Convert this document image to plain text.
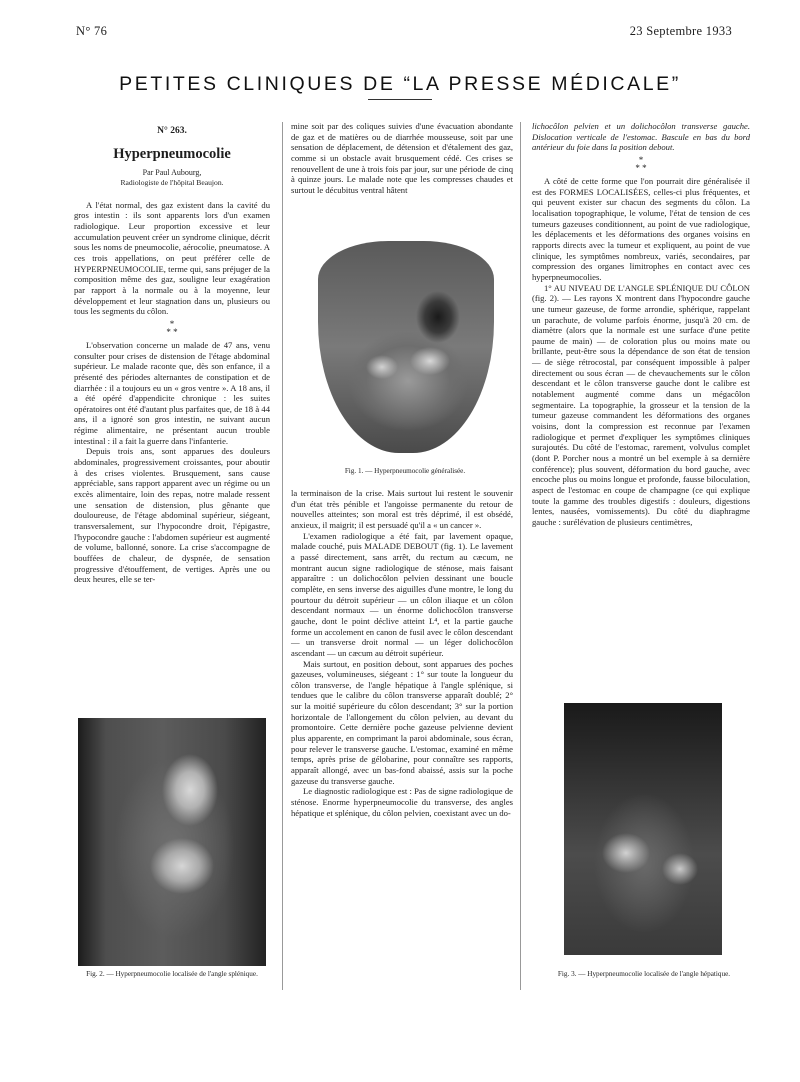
N° 76	23 Septembre 1933
PETITES CLINIQUES DE “LA PRESSE MÉDICALE”
N° 263.
Hyperpneumocolie
Par Paul Aubourg,
Radiologiste de l'hôpital Beaujon.

A l'état normal, des gaz existent dans la cavité du gros intestin : ils sont apparents lors d'un examen radiologique. Leur proportion excessive et leur accumulation peuvent créer un syndrome clinique, décrit sous les noms de pneumocolie, aérocolie, pneumatose. A ces trois appellations, on peut préférer celle de HYPERPNEUMOCOLIE, terme qui, sans préjuger de la composition même des gaz, souligne leur exagération par rapport à la normale ou à la moyenne, leur développement et leur stagnation dans un, plusieurs ou tous les segments du côlon.

*
* *

L'observation concerne un malade de 47 ans, venu consulter pour crises de distension de l'étage abdominal supérieur. Le malade raconte que, dès son enfance, il a présenté des périodes alternantes de constipation et de diarrhée : il a toujours eu un « gros ventre ». A 18 ans, il a été opéré d'appendicite chronique : les suites opératoires ont été d'autant plus parfaites que, de 18 à 44 ans, il a ignoré son gros intestin, ne suivant aucun régime alimentaire, ne présentant aucun trouble intestinal : il a fait la guerre dans l'infanterie.

Depuis trois ans, sont apparues des douleurs abdominales, progressivement croissantes, pour aboutir à des crises violentes. Brusquement, sans cause appréciable, sans rapport apparent avec un régime ou un excès alimentaire, loin des repas, notre malade ressent une sensation de distension, plus gênante que douloureuse, de l'étage abdominal supérieur, siégeant, transversalement, sur l'hypocondre droit, l'épigastre, l'hypocondre gauche : l'abdomen supérieur est augmenté de volume, ballonné, sonore. La crise s'accompagne de bouffées de chaleur, de dyspnée, de sensation progressive d'étouffement, de vertiges. Après une ou deux heures, elle se ter-

Fig. 2. — Hyperpneumocolie localisée de l'angle splénique.

mine soit par des coliques suivies d'une évacuation abondante de gaz et de matières ou de diarrhée mousseuse, soit par une sensation de déplacement, de détension et d'étalement des gaz, comme si un obstacle avait brusquement cédé. Ces crises se renouvellent de une à trois fois par jour, sur une période de cinq à quinze jours. Le malade note que les compresses chaudes et surtout le décubitus ventral hâtent

Fig. 1. — Hyperpneumocolie généralisée.

la terminaison de la crise. Mais surtout lui restent le souvenir d'un état très pénible et l'angoisse permanente du retour de nouvelles atteintes; son moral est très déprimé, il est obsédé, anxieux, il maigrit; il est persuadé qu'il a « un cancer ».

L'examen radiologique a été fait, par lavement opaque, malade couché, puis MALADE DEBOUT (fig. 1). Le lavement a passé directement, sans arrêt, du rectum au cæcum, ne montrant aucun signe radiologique de sténose, mais faisant apparaître : un dolichocôlon pelvien dessinant une boucle complète, en sens inverse des aiguilles d'une montre, le long du pourtour du détroit supérieur — un côlon iliaque et un côlon descendant normaux — un énorme dolichocôlon transverse gauche, dont le point déclive atteint L⁴, et la partie gauche forme un accolement en canon de fusil avec le côlon descendant — un transverse droit normal — un léger dolichocôlon ascendant — un cæcum au détroit supérieur.

Mais surtout, en position debout, sont apparues des poches gazeuses, volumineuses, siégeant : 1° sur toute la longueur du côlon transverse, de l'angle hépatique à l'angle splénique, si tendues que le calibre du côlon transverse apparaît doublé; 2° sur la moitié supérieure du côlon descendant; 3° sur la portion horizontale de l'allongement du côlon pelvien, au devant du promontoire. Cette dernière poche gazeuse pelvienne devient plus apparente, en comprimant la paroi abdominale, sous écran, pour relever le transverse gauche. L'estomac, examiné en même temps, après prise de gélobarine, pour connaître ses rapports, apparaît allongé, avec un bas-fond abaissé, assis sur la poche gazeuse du transverse gauche.

Le diagnostic radiologique est : Pas de signe radiologique de sténose. Enorme hyperpneumocolie du transverse, des angles hépatique et splénique, du côlon pelvien, coexistant avec un do-

lichocôlon pelvien et un dolichocôlon transverse gauche. Dislocation verticale de l'estomac. Bascule en bas du bord antérieur du foie dans la position debout.

*
* *

A côté de cette forme que l'on pourrait dire généralisée il est des FORMES LOCALISÉES, celles-ci plus fréquentes, et qui peuvent exister sur chacun des segments du côlon. La localisation topographique, le volume, l'état de tension de ces tumeurs gazeuses conditionnent, au point de vue radiologique, les déplacements et les déformations des organes voisins en rapports directs avec la tumeur et expliquent, au point de vue clinique, les symptômes nombreux, variés, secondaires, par compression des organes limitrophes en contact avec ces hyperpneumocolies.

1° AU NIVEAU DE L'ANGLE SPLÉNIQUE DU CÔLON (fig. 2). — Les rayons X montrent dans l'hypocondre gauche une tumeur gazeuse, de forme arrondie, sphérique, rappelant un parachute, de volume parfois énorme, jusqu'à 20 cm. de diamètre (alors que la normale est une surface d'une petite paume de main) — de coloration plus ou moins mate ou brillante, peut-être sous la dépendance de son état de tension — de siège rétrocostal, par conséquent impossible à palper directement ou sous écran — de chevauchements sur le côlon descendant et le côlon transverse gauche dont le calibre est notablement augmenté comme dans un mégacôlon segmentaire. La topographie, la grosseur et la tension de la tumeur gazeuse commandent les déformations des organes voisins, dont la compression est reconnue par l'examen radiologique et permet d'expliquer les symptômes cliniques surajoutés. Du côté de l'estomac, rarement, volvulus complet (dont P. Porcher nous a montré un bel exemple à sa dernière conférence); plus souvent, déformation du bord gauche, avec encoche plus ou moins longue et profonde, fausse biloculation, aspect de l'estomac en coupe de champagne (ce qui explique toute la gamme des troubles digestifs : douleurs, digestions lentes, nausées, vomissements). Du côté du diaphragme gauche : surélévation de plusieurs centimètres,

Fig. 3. — Hyperpneumocolie localisée de l'angle hépatique.
